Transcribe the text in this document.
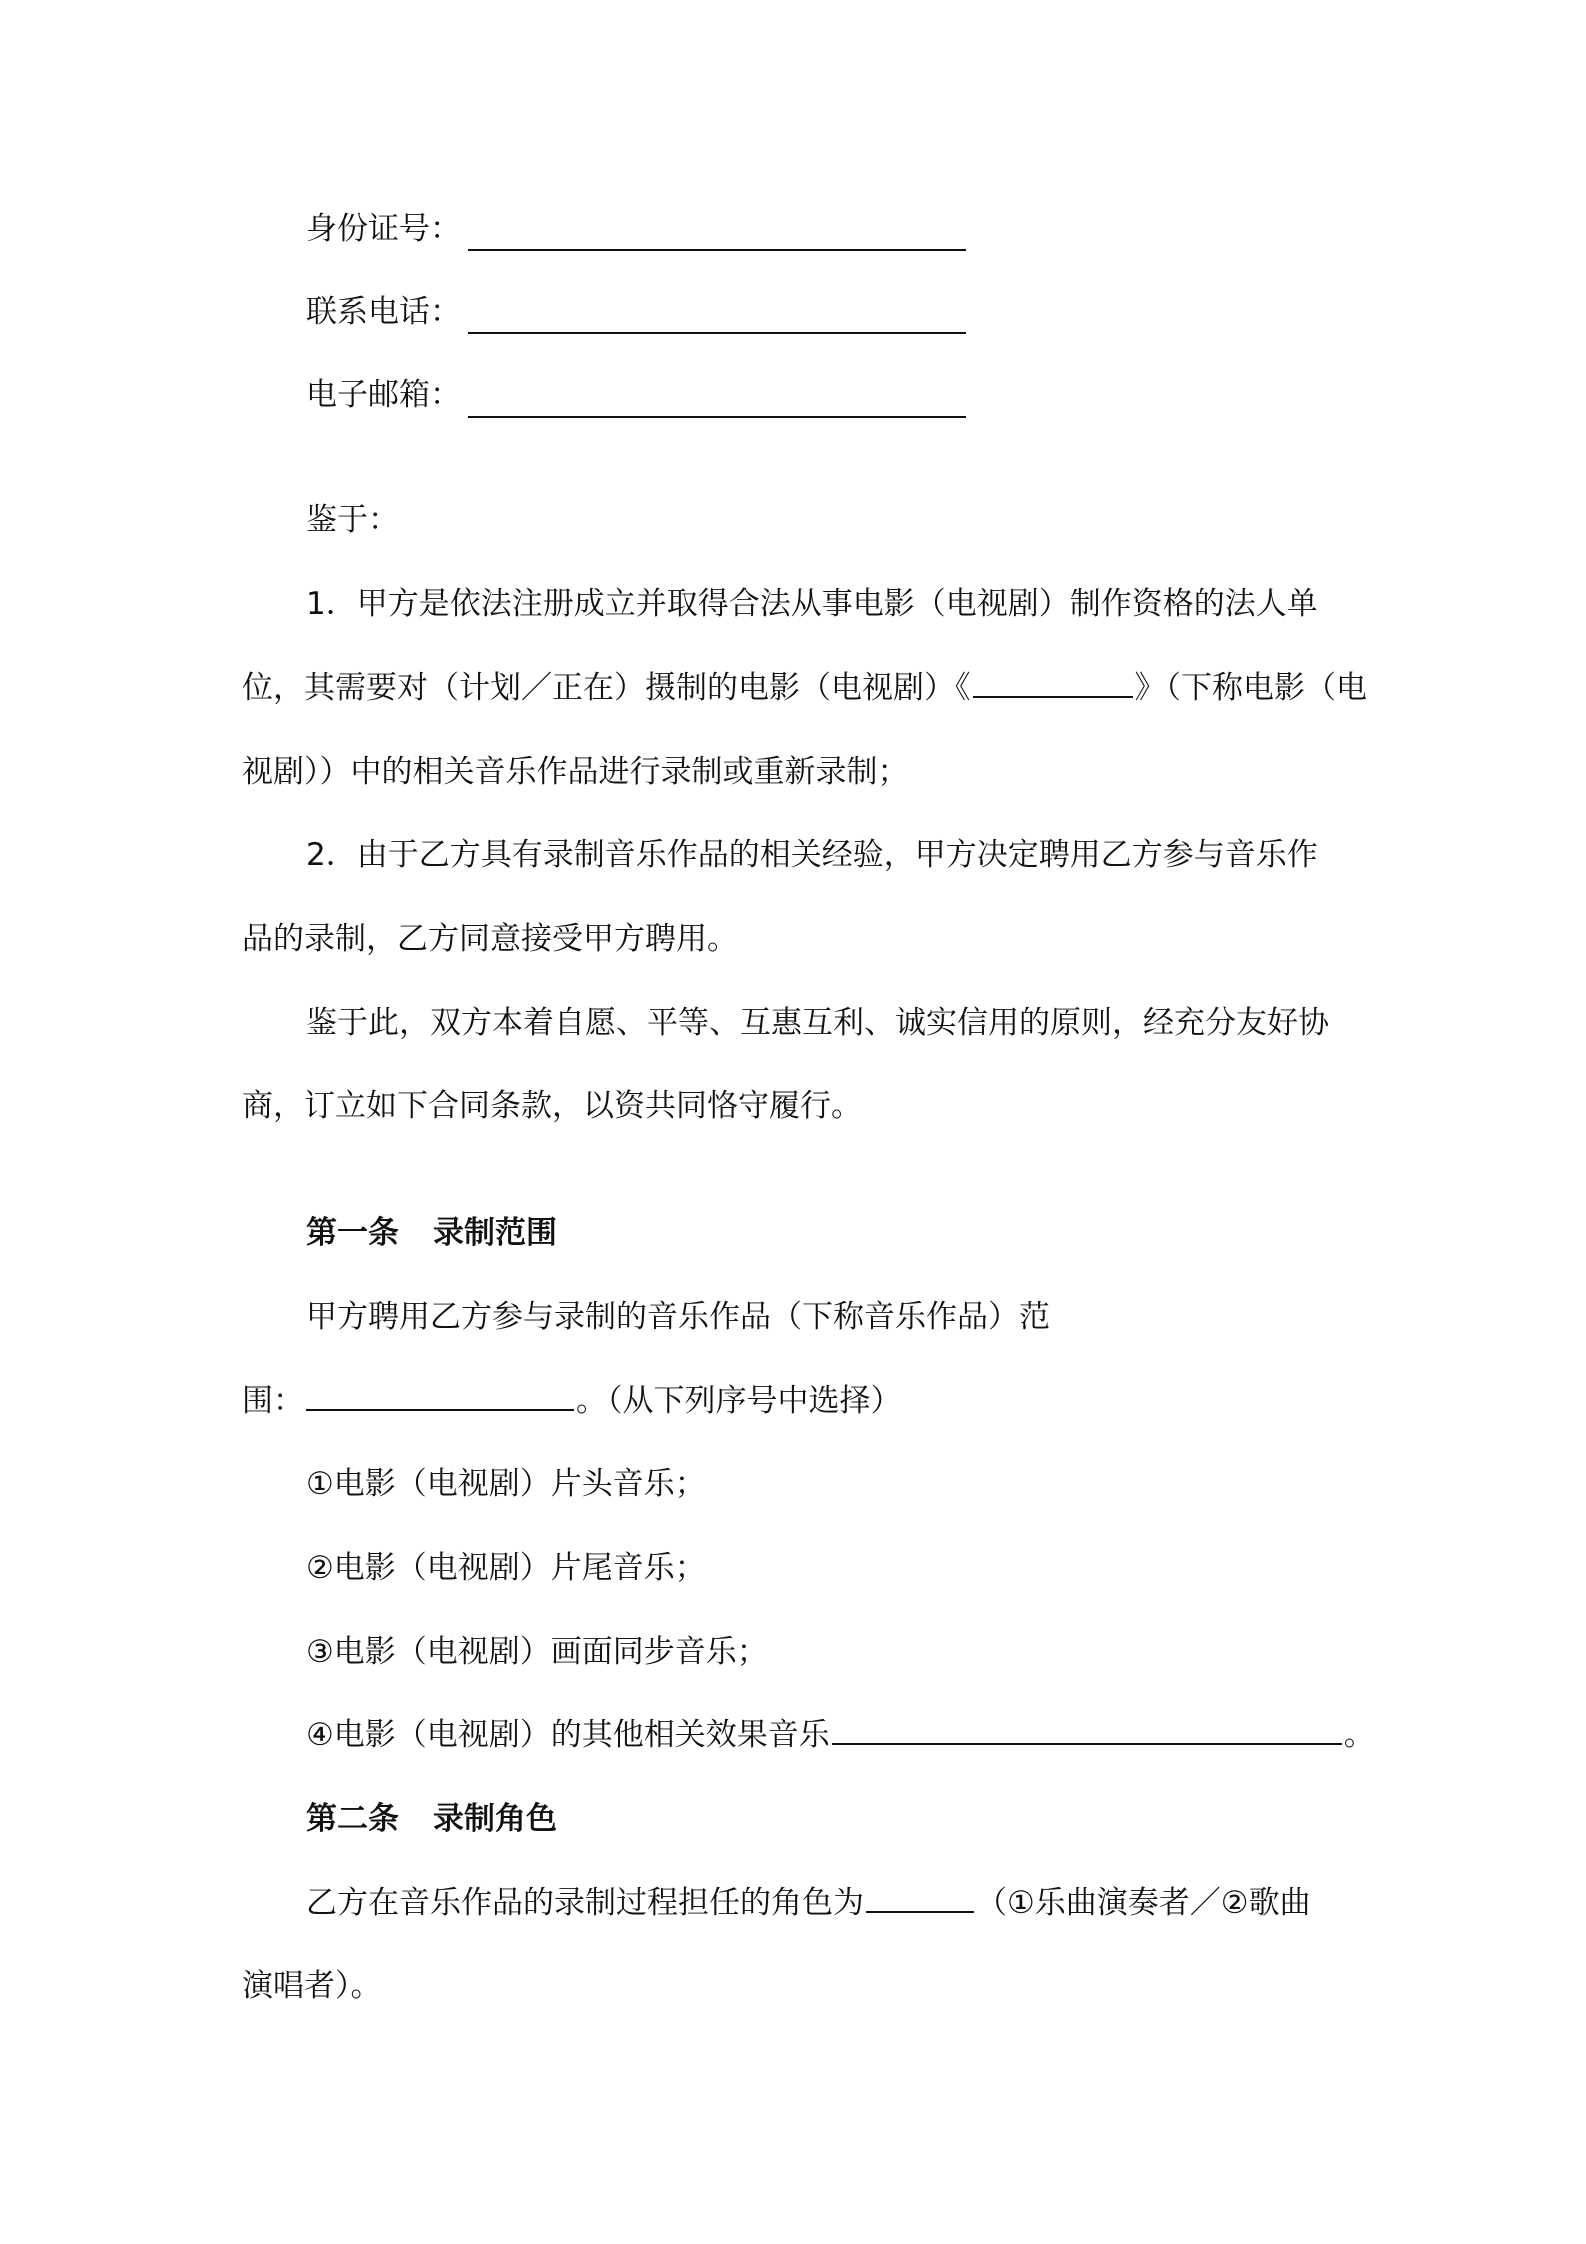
身份证号：
联系电话：
电子邮箱：
鉴于：
1．甲方是依法注册成立并取得合法从事电影（电视剧）制作资格的法人单
位，其需要对（计划／正在）摄制的电影（电视剧）《	》（下称电影（电
视剧））中的相关音乐作品进行录制或重新录制；
2．由于乙方具有录制音乐作品的相关经验，甲方决定聘用乙方参与音乐作
品的录制，乙方同意接受甲方聘用。
鉴于此，双方本着自愿、平等、互惠互利、诚实信用的原则，经充分友好协
商，订立如下合同条款，以资共同恪守履行。
第一条 录制范围
甲方聘用乙方参与录制的音乐作品（下称音乐作品）范
围：	。（从下列序号中选择）
①电影（电视剧）片头音乐；
②电影（电视剧）片尾音乐；
③电影（电视剧）画面同步音乐；
④电影（电视剧）的其他相关效果音乐	。
第二条 录制角色
乙方在音乐作品的录制过程担任的角色为	（①乐曲演奏者／②歌曲
演唱者）。
